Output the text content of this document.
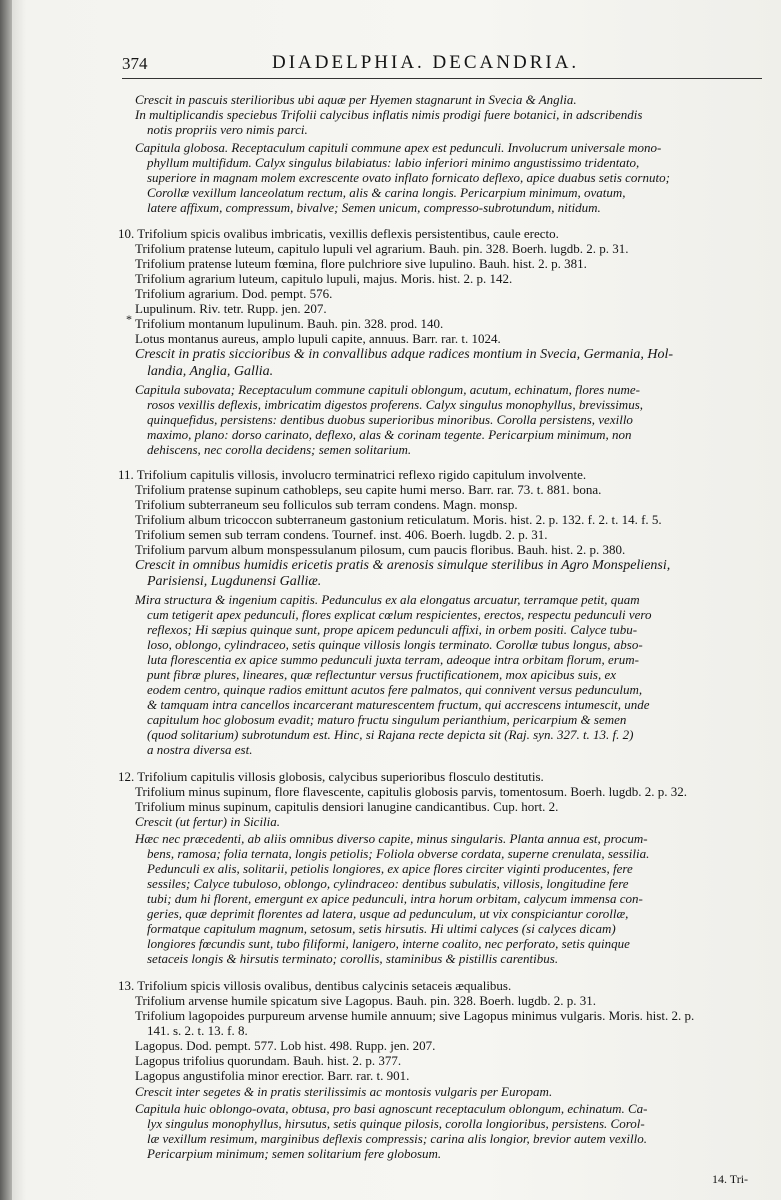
374	DIADELPHIA. DECANDRIA.
*
Crescit in pascuis sterilioribus ubi aquæ per Hyemen stagnarunt in Svecia & Anglia.
In multiplicandis speciebus Trifolii calycibus inflatis nimis prodigi fuere botanici, in adscribendis
notis propriis vero nimis parci.
Capitula globosa. Receptaculum capituli commune apex est pedunculi. Involucrum universale mono-
phyllum multifidum. Calyx singulus bilabiatus: labio inferiori minimo angustissimo tridentato,
superiore in magnam molem excrescente ovato inflato fornicato deflexo, apice duabus setis cornuto;
Corollæ vexillum lanceolatum rectum, alis & carina longis. Pericarpium minimum, ovatum,
latere affixum, compressum, bivalve; Semen unicum, compresso-subrotundum, nitidum.
10. Trifolium spicis ovalibus imbricatis, vexillis deflexis persistentibus, caule erecto.
Trifolium pratense luteum, capitulo lupuli vel agrarium. Bauh. pin. 328. Boerh. lugdb. 2. p. 31.
Trifolium pratense luteum fœmina, flore pulchriore sive lupulino. Bauh. hist. 2. p. 381.
Trifolium agrarium luteum, capitulo lupuli, majus. Moris. hist. 2. p. 142.
Trifolium agrarium. Dod. pempt. 576.
Lupulinum. Riv. tetr. Rupp. jen. 207.
Trifolium montanum lupulinum. Bauh. pin. 328. prod. 140.
Lotus montanus aureus, amplo lupuli capite, annuus. Barr. rar. t. 1024.
Crescit in pratis siccioribus & in convallibus adque radices montium in Svecia, Germania, Hol-
landia, Anglia, Gallia.
Capitula subovata; Receptaculum commune capituli oblongum, acutum, echinatum, flores nume-
rosos vexillis deflexis, imbricatim digestos proferens. Calyx singulus monophyllus, brevissimus,
quinquefidus, persistens: dentibus duobus superioribus minoribus. Corolla persistens, vexillo
maximo, plano: dorso carinato, deflexo, alas & corinam tegente. Pericarpium minimum, non
dehiscens, nec corolla decidens; semen solitarium.
11. Trifolium capitulis villosis, involucro terminatrici reflexo rigido capitulum involvente.
Trifolium pratense supinum cathobleps, seu capite humi merso. Barr. rar. 73. t. 881. bona.
Trifolium subterraneum seu folliculos sub terram condens. Magn. monsp.
Trifolium album tricoccon subterraneum gastonium reticulatum. Moris. hist. 2. p. 132. f. 2. t. 14. f. 5.
Trifolium semen sub terram condens. Tournef. inst. 406. Boerh. lugdb. 2. p. 31.
Trifolium parvum album monspessulanum pilosum, cum paucis floribus. Bauh. hist. 2. p. 380.
Crescit in omnibus humidis ericetis pratis & arenosis simulque sterilibus in Agro Monspeliensi,
Parisiensi, Lugdunensi Galliæ.
Mira structura & ingenium capitis. Pedunculus ex ala elongatus arcuatur, terramque petit, quam
cum tetigerit apex pedunculi, flores explicat cœlum respicientes, erectos, respectu pedunculi vero
reflexos; Hi sæpius quinque sunt, prope apicem pedunculi affixi, in orbem positi. Calyce tubu-
loso, oblongo, cylindraceo, setis quinque villosis longis terminato. Corollæ tubus longus, abso-
luta florescentia ex apice summo pedunculi juxta terram, adeoque intra orbitam florum, erum-
punt fibræ plures, lineares, quæ reflectuntur versus fructificationem, mox apicibus suis, ex
eodem centro, quinque radios emittunt acutos fere palmatos, qui connivent versus pedunculum,
& tamquam intra cancellos incarcerant maturescentem fructum, qui accrescens intumescit, unde
capitulum hoc globosum evadit; maturo fructu singulum perianthium, pericarpium & semen
(quod solitarium) subrotundum est. Hinc, si Rajana recte depicta sit (Raj. syn. 327. t. 13. f. 2)
a nostra diversa est.
12. Trifolium capitulis villosis globosis, calycibus superioribus flosculo destitutis.
Trifolium minus supinum, flore flavescente, capitulis globosis parvis, tomentosum. Boerh. lugdb. 2. p. 32.
Trifolium minus supinum, capitulis densiori lanugine candicantibus. Cup. hort. 2.
Crescit (ut fertur) in Sicilia.
Hæc nec præcedenti, ab aliis omnibus diverso capite, minus singularis. Planta annua est, procum-
bens, ramosa; folia ternata, longis petiolis; Foliola obverse cordata, superne crenulata, sessilia.
Pedunculi ex alis, solitarii, petiolis longiores, ex apice flores circiter viginti producentes, fere
sessiles; Calyce tubuloso, oblongo, cylindraceo: dentibus subulatis, villosis, longitudine fere
tubi; dum hi florent, emergunt ex apice pedunculi, intra horum orbitam, calycum immensa con-
geries, quæ deprimit florentes ad latera, usque ad pedunculum, ut vix conspiciantur corollæ,
formatque capitulum magnum, setosum, setis hirsutis. Hi ultimi calyces (si calyces dicam)
longiores fœcundis sunt, tubo filiformi, lanigero, interne coalito, nec perforato, setis quinque
setaceis longis & hirsutis terminato; corollis, staminibus & pistillis carentibus.
13. Trifolium spicis villosis ovalibus, dentibus calycinis setaceis æqualibus.
Trifolium arvense humile spicatum sive Lagopus. Bauh. pin. 328. Boerh. lugdb. 2. p. 31.
Trifolium lagopoides purpureum arvense humile annuum; sive Lagopus minimus vulgaris. Moris. hist. 2. p.
141. s. 2. t. 13. f. 8.
Lagopus. Dod. pempt. 577. Lob hist. 498. Rupp. jen. 207.
Lagopus trifolius quorundam. Bauh. hist. 2. p. 377.
Lagopus angustifolia minor erectior. Barr. rar. t. 901.
Crescit inter segetes & in pratis sterilissimis ac montosis vulgaris per Europam.
Capitula huic oblongo-ovata, obtusa, pro basi agnoscunt receptaculum oblongum, echinatum. Ca-
lyx singulus monophyllus, hirsutus, setis quinque pilosis, corolla longioribus, persistens. Corol-
læ vexillum resimum, marginibus deflexis compressis; carina alis longior, brevior autem vexillo.
Pericarpium minimum; semen solitarium fere globosum.
14. Tri-
